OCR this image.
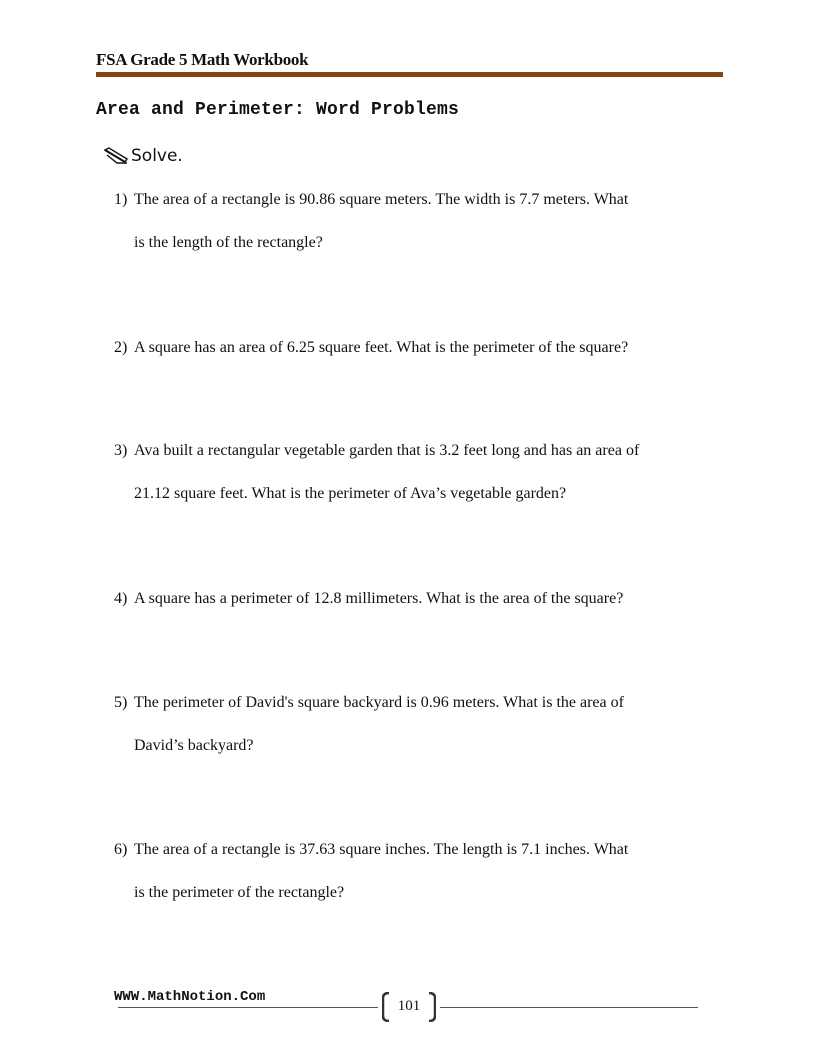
FSA Grade 5 Math Workbook
Area and Perimeter: Word Problems
Solve.
1) The area of a rectangle is 90.86 square meters. The width is 7.7 meters. What
is the length of the rectangle?
2) A square has an area of 6.25 square feet. What is the perimeter of the square?
3) Ava built a rectangular vegetable garden that is 3.2 feet long and has an area of
21.12 square feet. What is the perimeter of Ava’s vegetable garden?
4) A square has a perimeter of 12.8 millimeters. What is the area of the square?
5) The perimeter of David's square backyard is 0.96 meters. What is the area of
David’s backyard?
6) The area of a rectangle is 37.63 square inches. The length is 7.1 inches. What
is the perimeter of the rectangle?
WWW.MathNotion.Com
101
